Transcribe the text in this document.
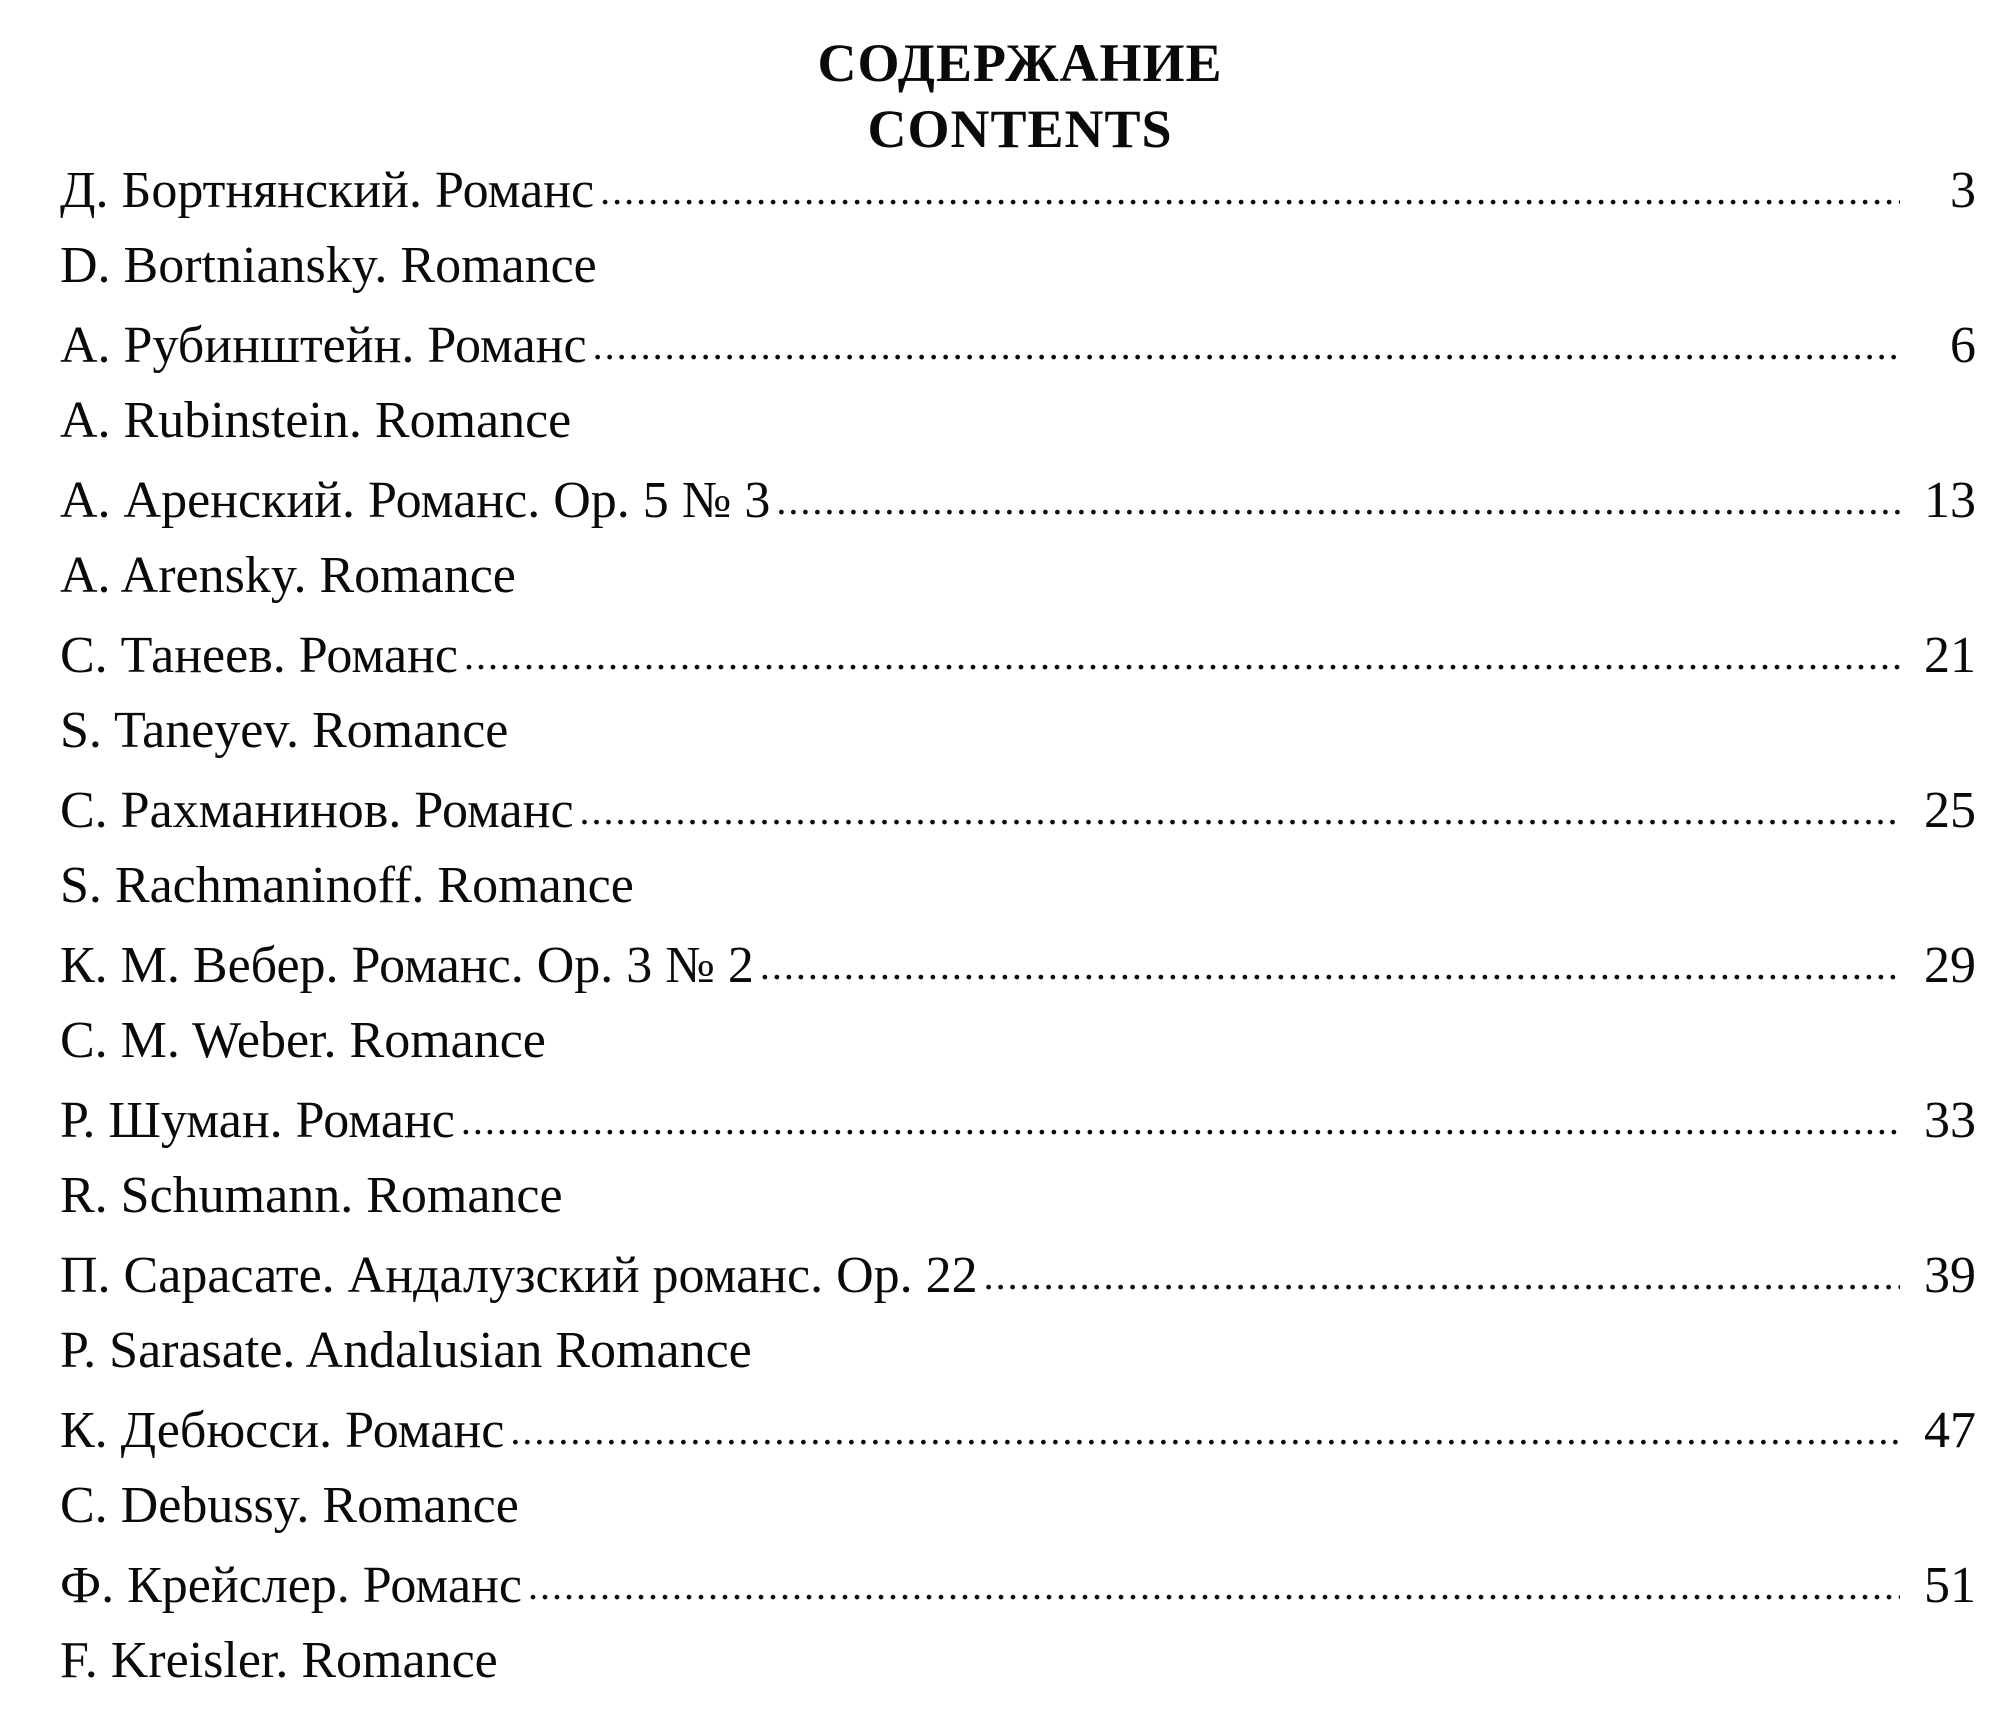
СОДЕРЖАНИЕ
CONTENTS
Д. Бортнянский. Романс . . .	3
D. Bortniansky. Romance
А. Рубинштейн. Романс . . .	6
A. Rubinstein. Romance
А. Аренский. Романс. Op. 5 № 3 . . .	13
A. Arensky. Romance
С. Танеев. Романс . . .	21
S. Taneyev. Romance
С. Рахманинов. Романс . . .	25
S. Rachmaninoff. Romance
К. М. Вебер. Романс. Op. 3 № 2 . . .	29
C. M. Weber. Romance
Р. Шуман. Романс . . .	33
R. Schumann. Romance
П. Сарасате. Андалузский романс. Op. 22 . . .	39
P. Sarasate. Andalusian Romance
К. Дебюсси. Романс . . .	47
C. Debussy. Romance
Ф. Крейслер. Романс . . .	51
F. Kreisler. Romance
